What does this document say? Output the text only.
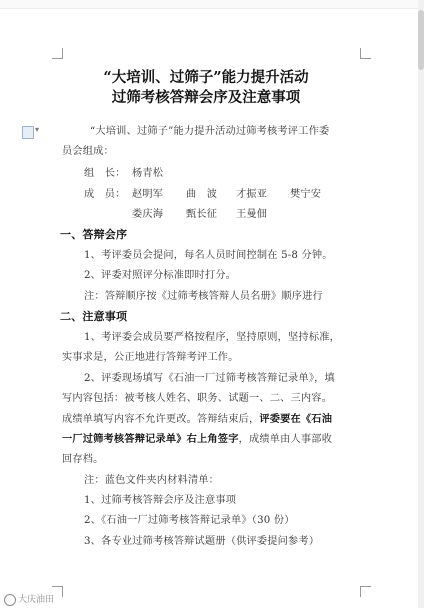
“大培训、过筛子”能力提升活动
过筛考核答辩会序及注意事项
▾	“大培训、过筛子”能力提升活动过筛考核考评工作委
员会组成：
组　长： 杨青松
成　员： 赵明军 曲　波 才振亚 樊宁安
娄庆海 甄长征 王曼佃
一、答辩会序
1、考评委员会提问，每名人员时间控制在 5-8 分钟。
2、评委对照评分标准即时打分。
注：答辩顺序按《过筛考核答辩人员名册》顺序进行
二、注意事项
1、考评委会成员要严格按程序，坚持原则，坚持标准，
实事求是，公正地进行答辩考评工作。
2、评委现场填写《石油一厂过筛考核答辩记录单》，填
写内容包括：被考核人姓名、职务、试题一、二、三内容。
成绩单填写内容不允许更改。答辩结束后，评委要在《石油
一厂过筛考核答辩记录单》右上角签字，成绩单由人事部收
回存档。
注：蓝色文件夹内材料清单：
1、过筛考核答辩会序及注意事项
2、《石油一厂过筛考核答辩记录单》（30 份）
3、各专业过筛考核答辩试题册（供评委提问参考）
大庆油田
